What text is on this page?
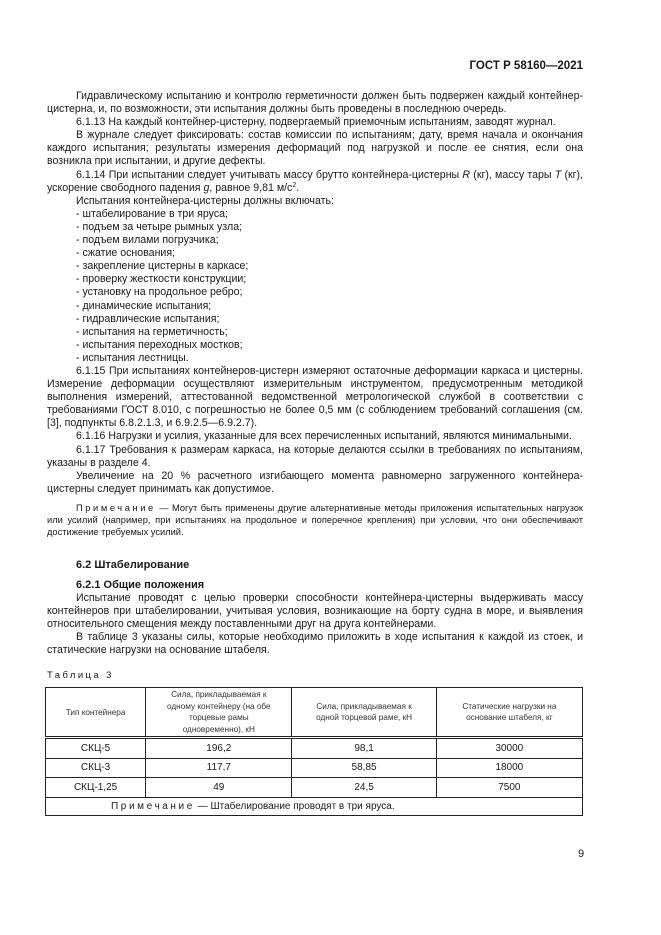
ГОСТ Р 58160—2021

Гидравлическому испытанию и контролю герметичности должен быть подвержен каждый контейнер-цистерна, и, по возможности, эти испытания должны быть проведены в последнюю очередь.

6.1.13 На каждый контейнер-цистерну, подвергаемый приемочным испытаниям, заводят журнал.

В журнале следует фиксировать: состав комиссии по испытаниям; дату, время начала и окончания каждого испытания; результаты измерения деформаций под нагрузкой и после ее снятия, если она возникла при испытании, и другие дефекты.

6.1.14 При испытании следует учитывать массу брутто контейнера-цистерны R (кг), массу тары T (кг), ускорение свободного падения g, равное 9,81 $м/с^2$.

Испытания контейнера-цистерны должны включать:

- штабелирование в три яруса;

- подъем за четыре рымных узла;

- подъем вилами погрузчика;

- сжатие основания;

- закрепление цистерны в каркасе;

- проверку жесткости конструкции;

- установку на продольное ребро;

- динамические испытания;

- гидравлические испытания;

- испытания на герметичность;

- испытания переходных мостков;

- испытания лестницы.

6.1.15 При испытаниях контейнеров-цистерн измеряют остаточные деформации каркаса и цистерны. Измерение деформации осуществляют измерительным инструментом, предусмотренным методикой выполнения измерений, аттестованной ведомственной метрологической службой в соответствии с требованиями ГОСТ 8.010, с погрешностью не более 0,5 мм (с соблюдением требований соглашения (см. [3], подпункты 6.8.2.1.3, и 6.9.2.5—6.9.2.7).

6.1.16 Нагрузки и усилия, указанные для всех перечисленных испытаний, являются минимальными.

6.1.17 Требования к размерам каркаса, на которые делаются ссылки в требованиях по испытаниям, указаны в разделе 4.

Увеличение на 20 % расчетного изгибающего момента равномерно загруженного контейнера-цистерны следует принимать как допустимое.

Примечание — Могут быть применены другие альтернативные методы приложения испытательных нагрузок или усилий (например, при испытаниях на продольное и поперечное крепления) при условии, что они обеспечивают достижение требуемых усилий.

6.2 Штабелирование

6.2.1 Общие положения

Испытание проводят с целью проверки способности контейнера-цистерны выдерживать массу контейнеров при штабелировании, учитывая условия, возникающие на борту судна в море, и выявления относительного смещения между поставленными друг на друга контейнерами.

В таблице 3 указаны силы, которые необходимо приложить в ходе испытания к каждой из стоек, и статические нагрузки на основание штабеля.

Таблица 3

Тип контейнера	Сила, прикладываемая к одному контейнеру (на обе торцевые рамы одновременно), кН	Сила, прикладываемая к одной торцевой раме, кН	Статические нагрузки на основание штабеля, кг
СКЦ-5	196,2	98,1	30000
СКЦ-3	117,7	58,85	18000
СКЦ-1,25	49	24,5	7500
Примечание — Штабелирование проводят в три яруса.			
9
